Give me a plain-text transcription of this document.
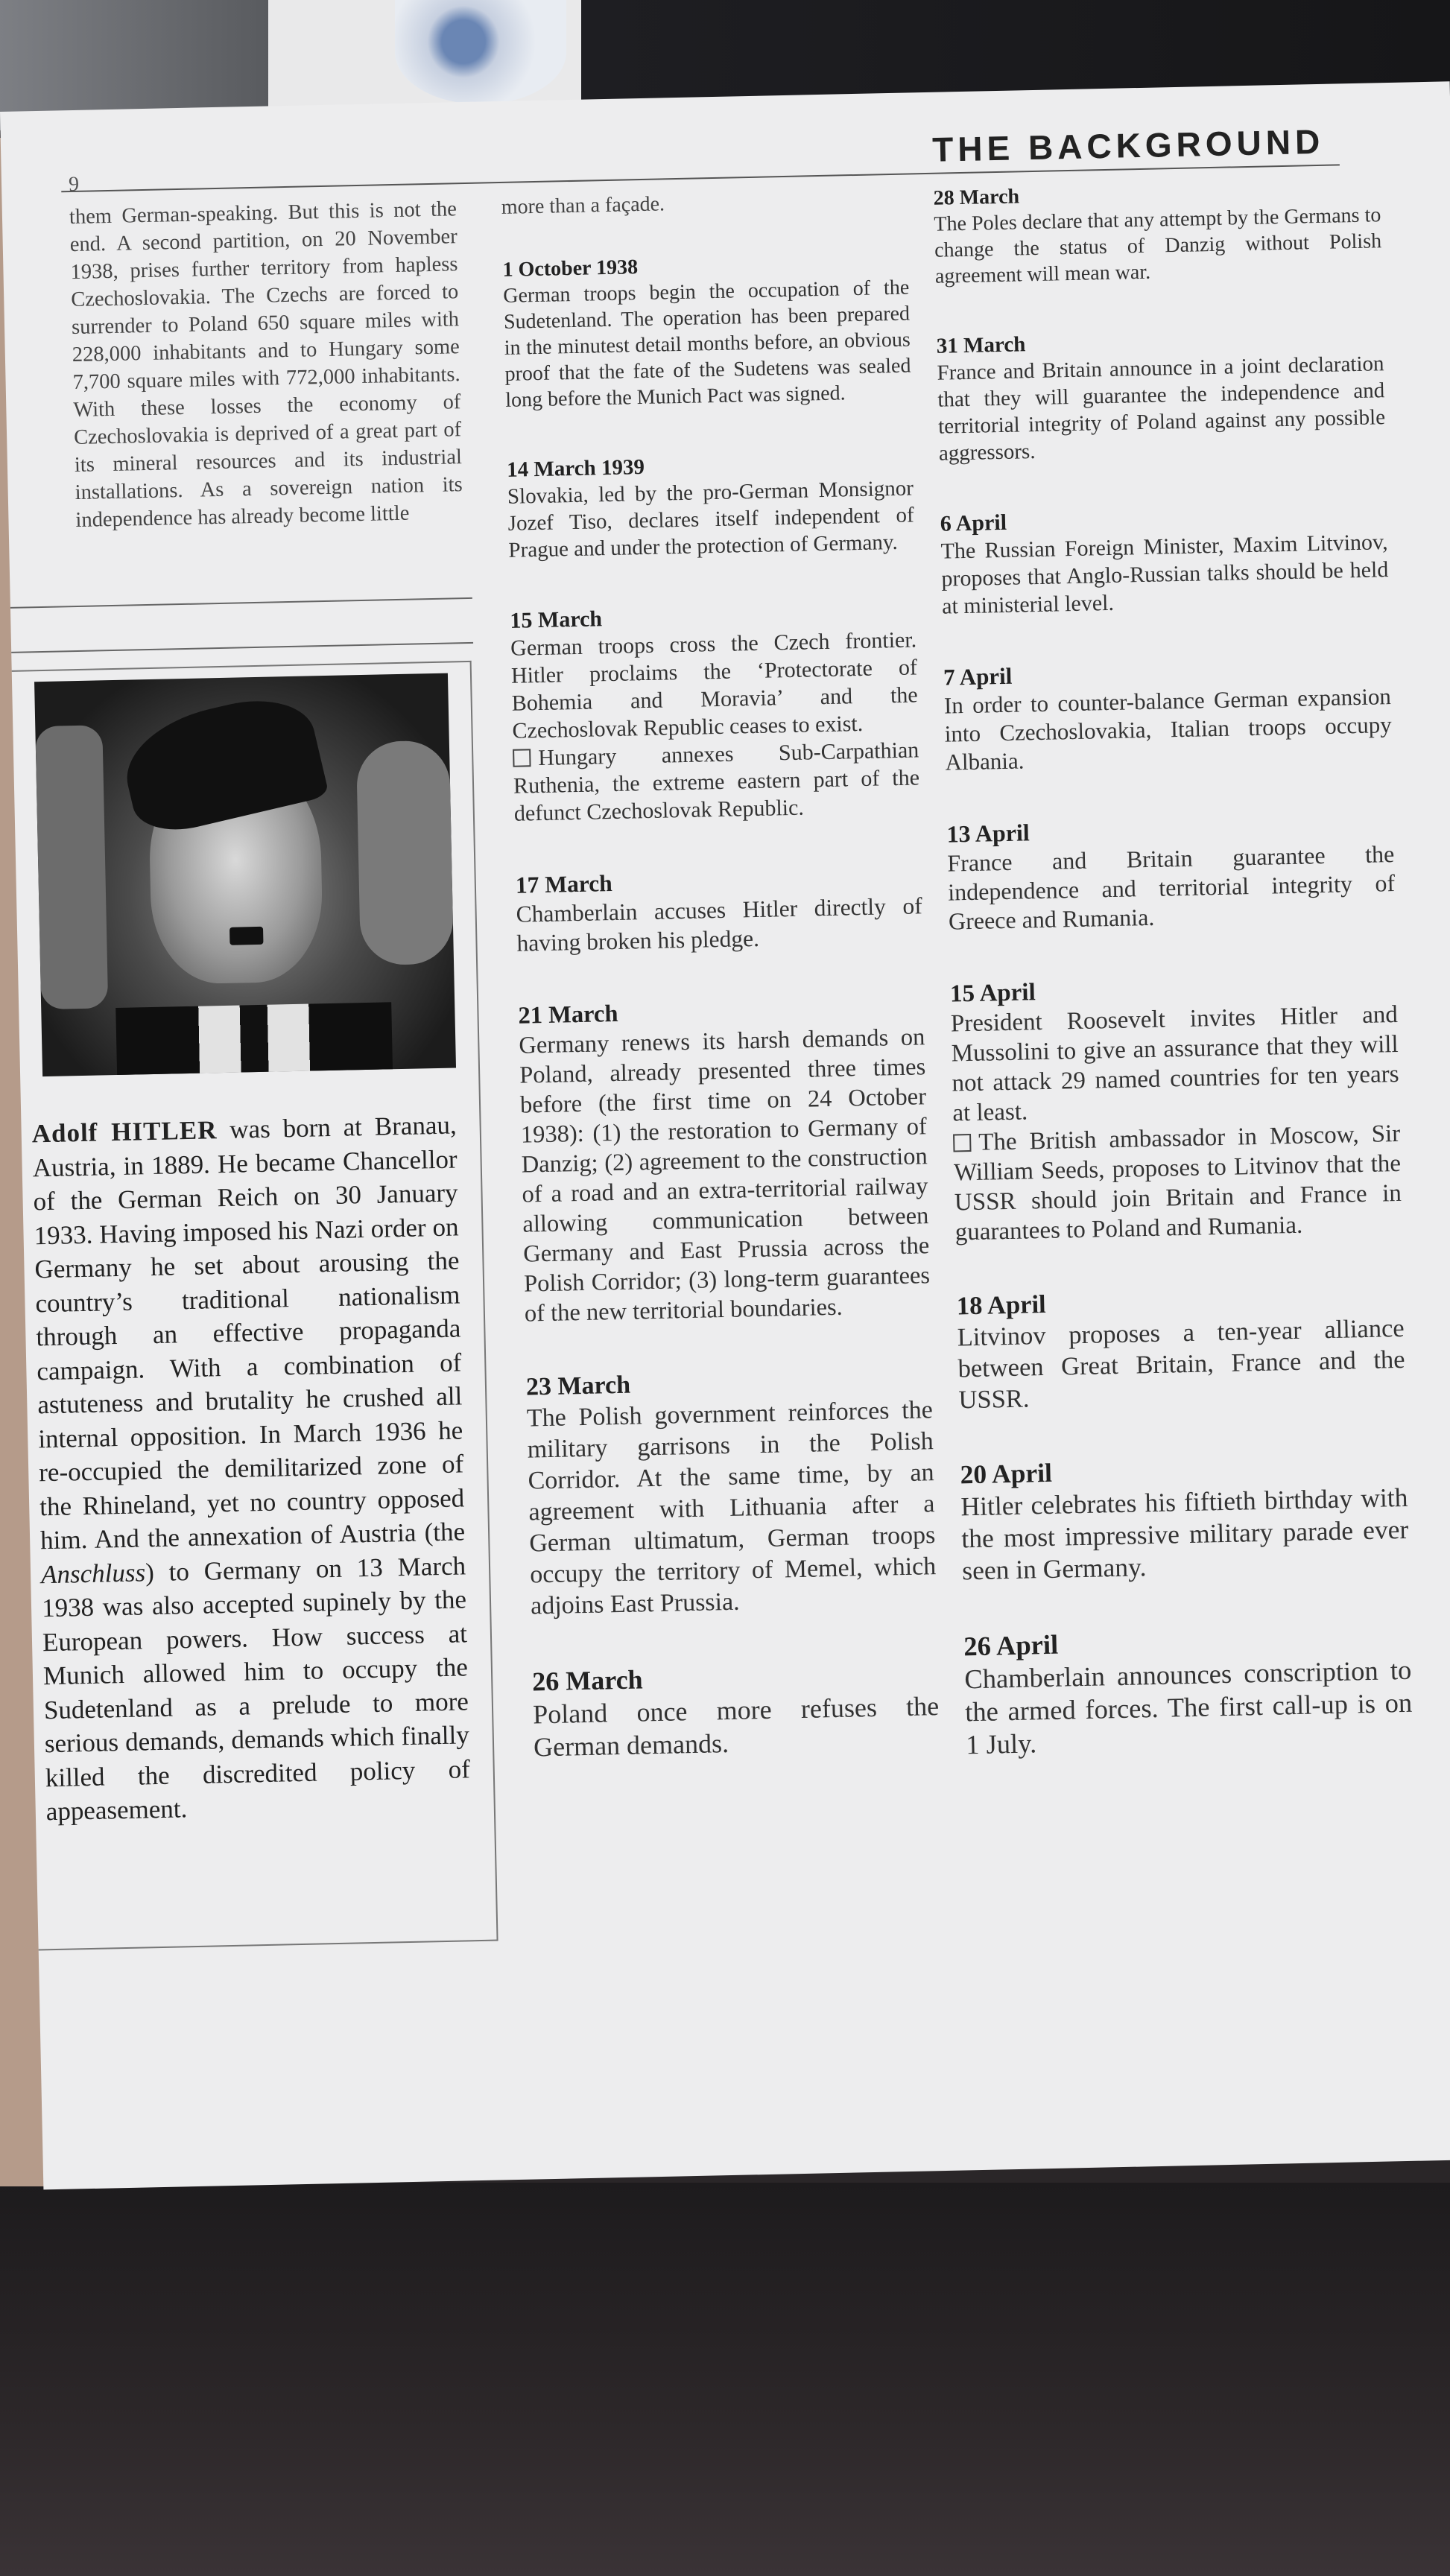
9
THE BACKGROUND
them German-speaking. But this is not the end. A second partition, on 20 November 1938, prises further territory from hapless Czechoslovakia. The Czechs are forced to surrender to Poland 650 square miles with 228,000 inhabitants and to Hungary some 7,700 square miles with 772,000 inhabitants. With these losses the economy of Czechoslovakia is deprived of a great part of its mineral resources and its industrial installations. As a sovereign nation its independence has already become little
Adolf HITLER was born at Branau, Austria, in 1889. He became Chancellor of the German Reich on 30 January 1933. Having imposed his Nazi order on Germany he set about arousing the country’s traditional nationalism through an effective propaganda campaign. With a combination of astuteness and brutality he crushed all internal opposition. In March 1936 he re-occupied the demilitarized zone of the Rhineland, yet no country opposed him. And the annexation of Austria (the Anschluss) to Germany on 13 March 1938 was also accepted supinely by the European powers. How success at Munich allowed him to occupy the Sudetenland as a prelude to more serious demands, demands which finally killed the discredited policy of appeasement.
more than a façade.
1 October 1938
German troops begin the occupation of the Sudetenland. The operation has been prepared in the minutest detail months before, an obvious proof that the fate of the Sudetens was sealed long before the Munich Pact was signed.
14 March 1939
Slovakia, led by the pro-German Monsignor Jozef Tiso, declares itself independent of Prague and under the protection of Germany.
15 March
German troops cross the Czech frontier. Hitler proclaims the ‘Protectorate of Bohemia and Moravia’ and the Czechoslovak Republic ceases to exist.
Hungary annexes Sub-Carpathian Ruthenia, the extreme eastern part of the defunct Czechoslovak Republic.
17 March
Chamberlain accuses Hitler directly of having broken his pledge.
21 March
Germany renews its harsh demands on Poland, already presented three times before (the first time on 24 October 1938): (1) the restoration to Germany of Danzig; (2) agreement to the construction of a road and an extra-territorial railway allowing communication between Germany and East Prussia across the Polish Corridor; (3) long-term guarantees of the new territorial boundaries.
23 March
The Polish government reinforces the military garrisons in the Polish Corridor. At the same time, by an agreement with Lithuania after a German ultimatum, German troops occupy the territory of Memel, which adjoins East Prussia.
26 March
Poland once more refuses the German demands.
28 March
The Poles declare that any attempt by the Germans to change the status of Danzig without Polish agreement will mean war.
31 March
France and Britain announce in a joint declaration that they will guarantee the independence and territorial integrity of Poland against any possible aggressors.
6 April
The Russian Foreign Minister, Maxim Litvinov, proposes that Anglo-Russian talks should be held at ministerial level.
7 April
In order to counter-balance German expansion into Czechoslovakia, Italian troops occupy Albania.
13 April
France and Britain guarantee the independence and territorial integrity of Greece and Rumania.
15 April
President Roosevelt invites Hitler and Mussolini to give an assurance that they will not attack 29 named countries for ten years at least.
The British ambassador in Moscow, Sir William Seeds, proposes to Litvinov that the USSR should join Britain and France in guarantees to Poland and Rumania.
18 April
Litvinov proposes a ten-year alliance between Great Britain, France and the USSR.
20 April
Hitler celebrates his fiftieth birthday with the most impressive military parade ever seen in Germany.
26 April
Chamberlain announces conscription to the armed forces. The first call-up is on 1 July.
